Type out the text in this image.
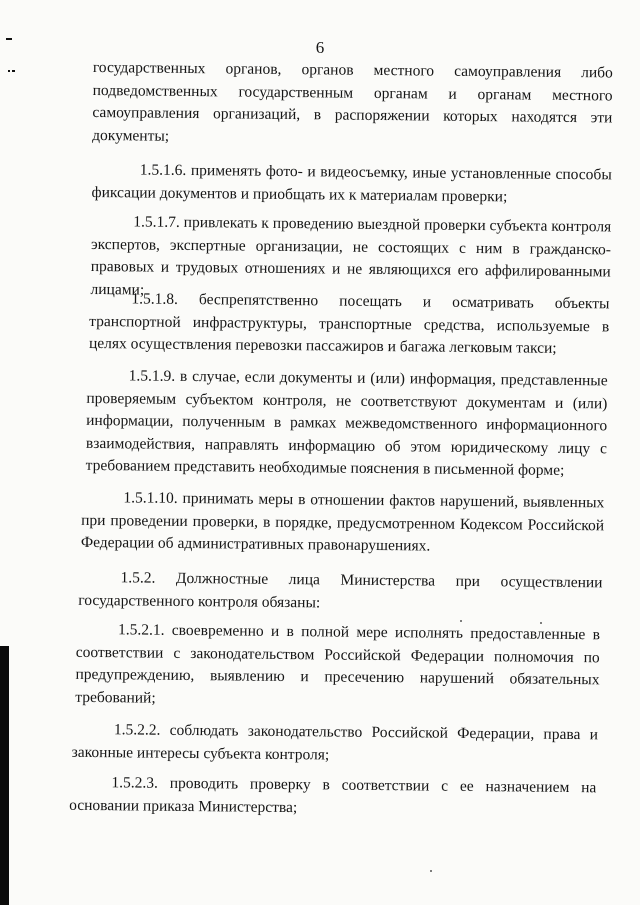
6

государственных органов, органов местного самоуправления либо подведомственных государственным органам и органам местного самоуправления организаций, в распоряжении которых находятся эти документы;

1.5.1.6. применять фото- и видеосъемку, иные установленные способы фиксации документов и приобщать их к материалам проверки;

1.5.1.7. привлекать к проведению выездной проверки субъекта контроля экспертов, экспертные организации, не состоящих с ним в гражданско-правовых и трудовых отношениях и не являющихся его аффилированными лицами;

1.5.1.8. беспрепятственно посещать и осматривать объекты транспортной инфраструктуры, транспортные средства, используемые в целях осуществления перевозки пассажиров и багажа легковым такси;

1.5.1.9. в случае, если документы и (или) информация, представленные проверяемым субъектом контроля, не соответствуют документам и (или) информации, полученным в рамках межведомственного информационного взаимодействия, направлять информацию об этом юридическому лицу с требованием представить необходимые пояснения в письменной форме;

1.5.1.10. принимать меры в отношении фактов нарушений, выявленных при проведении проверки, в порядке, предусмотренном Кодексом Российской Федерации об административных правонарушениях.

1.5.2. Должностные лица Министерства при осуществлении государственного контроля обязаны:

1.5.2.1. своевременно и в полной мере исполнять предоставленные в соответствии с законодательством Российской Федерации полномочия по предупреждению, выявлению и пресечению нарушений обязательных требований;

1.5.2.2. соблюдать законодательство Российской Федерации, права и законные интересы субъекта контроля;

1.5.2.3. проводить проверку в соответствии с ее назначением на основании приказа Министерства;
